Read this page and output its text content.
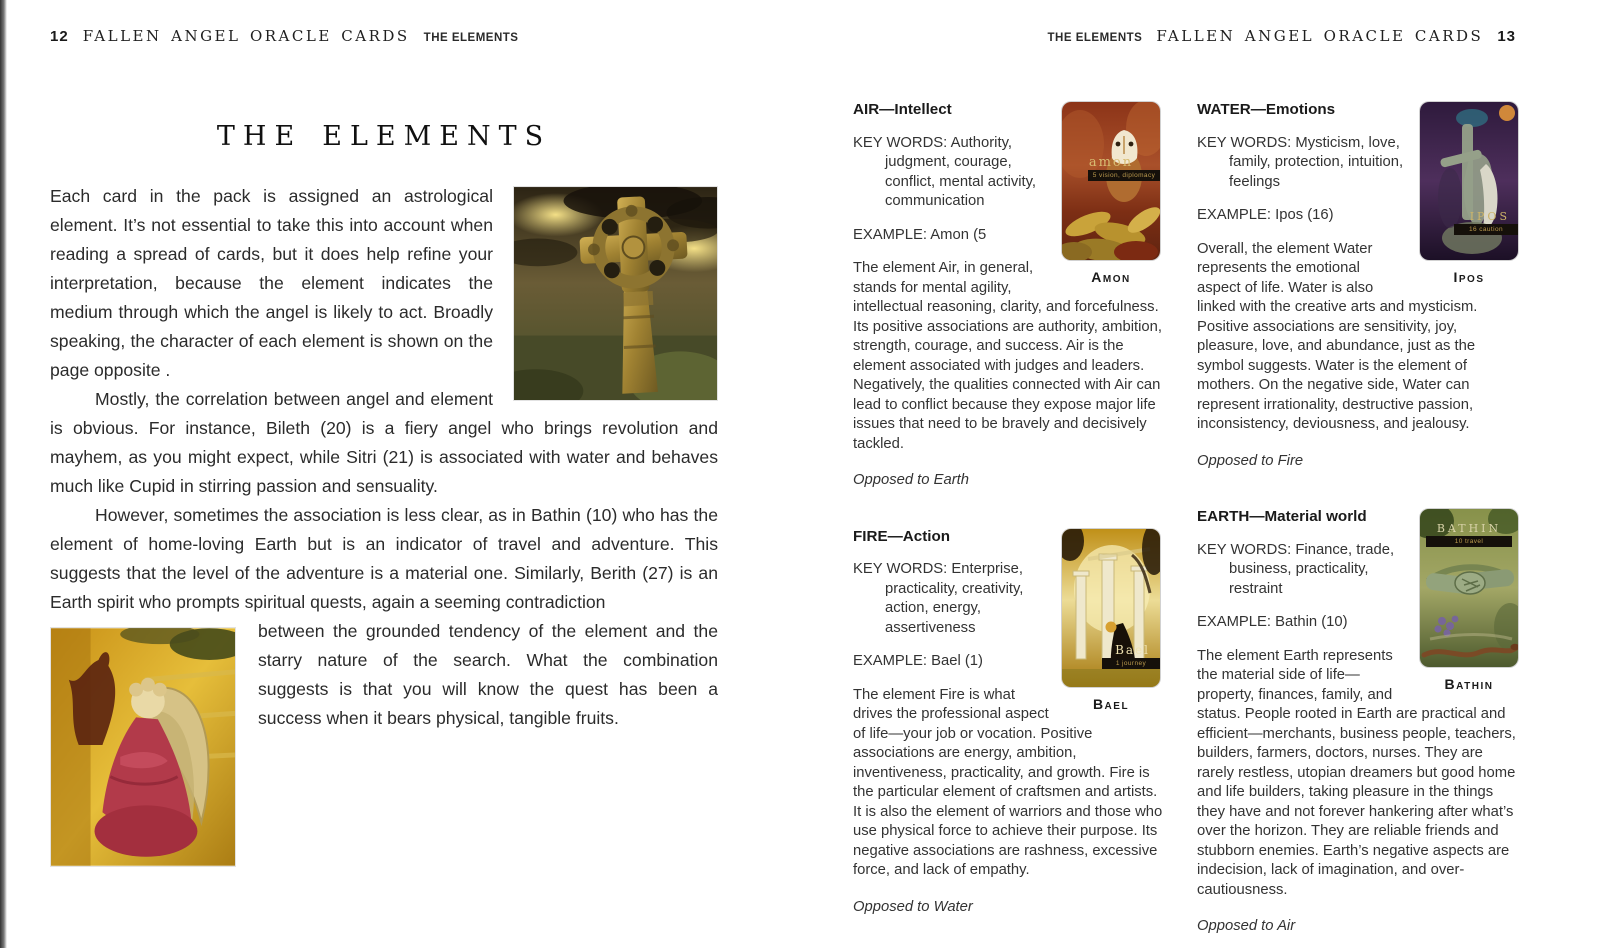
12 fallen angel oracle cards THE ELEMENTS	THE ELEMENTS fallen angel oracle cards 13
the elements

Each card in the pack is assigned an astrological element. It’s not essential to take this into account when reading a spread of cards, but it does help refine your interpretation, because the element indicates the medium through which the angel is likely to act. Broadly speaking, the character of each element is shown on the page opposite .

Mostly, the correlation between angel and element is obvious. For instance, Bileth (20) is a fiery angel who brings revolution and mayhem, as you might expect, while Sitri (21) is associated with water and behaves much like Cupid in stirring passion and sensuality.

However, sometimes the association is less clear, as in Bathin (10) who has the element of home-loving Earth but is an indicator of travel and adventure. This suggests that the level of the adventure is a material one. Similarly, Berith (27) is an Earth spirit who prompts spiritual quests, again a seeming contradiction

between the grounded tendency of the element and the starry nature of the search. What the combination suggests is that you will know the quest has been a success when it bears physical, tangible fruits.

amon
5 vision, diplomacy
Amon
AIR—Intellect

KEY WORDS: Authority, judgment, courage, conflict, mental activity, communication

EXAMPLE: Amon (5

The element Air, in general, stands for mental agility, intellectual reasoning, clarity, and forcefulness. Its positive associations are authority, ambition, strength, courage, and success. Air is the element associated with judges and leaders. Negatively, the qualities connected with Air can lead to conflict because they expose major life issues that need to be bravely and decisively tackled.

Opposed to Earth

Bael
1 journey
Bael
FIRE—Action

KEY WORDS: Enterprise, practicality, creativity, action, energy, assertiveness

EXAMPLE: Bael (1)

The element Fire is what drives the professional aspect of life—your job or vocation. Positive associations are energy, ambition, inventiveness, practicality, and growth. Fire is the particular element of craftsmen and artists. It is also the element of warriors and those who use physical force to achieve their purpose. Its negative associations are rashness, excessive force, and lack of empathy.

Opposed to Water

IPOS
16 caution
Ipos
WATER—Emotions

KEY WORDS: Mysticism, love, family, protection, intuition, feelings

EXAMPLE: Ipos (16)

Overall, the element Water represents the emotional aspect of life. Water is also linked with the creative arts and mysticism. Positive associations are sensitivity, joy, pleasure, love, and abundance, just as the symbol suggests. Water is the element of mothers. On the negative side, Water can represent irrationality, destructive passion, inconsistency, deviousness, and jealousy.

Opposed to Fire

BATHIN
10 travel
Bathin
EARTH—Material world

KEY WORDS: Finance, trade, business, practicality, restraint

EXAMPLE: Bathin (10)

The element Earth represents the material side of life—property, finances, family, and status. People rooted in Earth are practical and efficient—merchants, business people, teachers, builders, farmers, doctors, nurses. They are rarely restless, utopian dreamers but good home and life builders, taking pleasure in the things they have and not forever hankering after what’s over the horizon. They are reliable friends and stubborn enemies. Earth’s negative aspects are indecision, lack of imagination, and over-cautiousness.

Opposed to Air
